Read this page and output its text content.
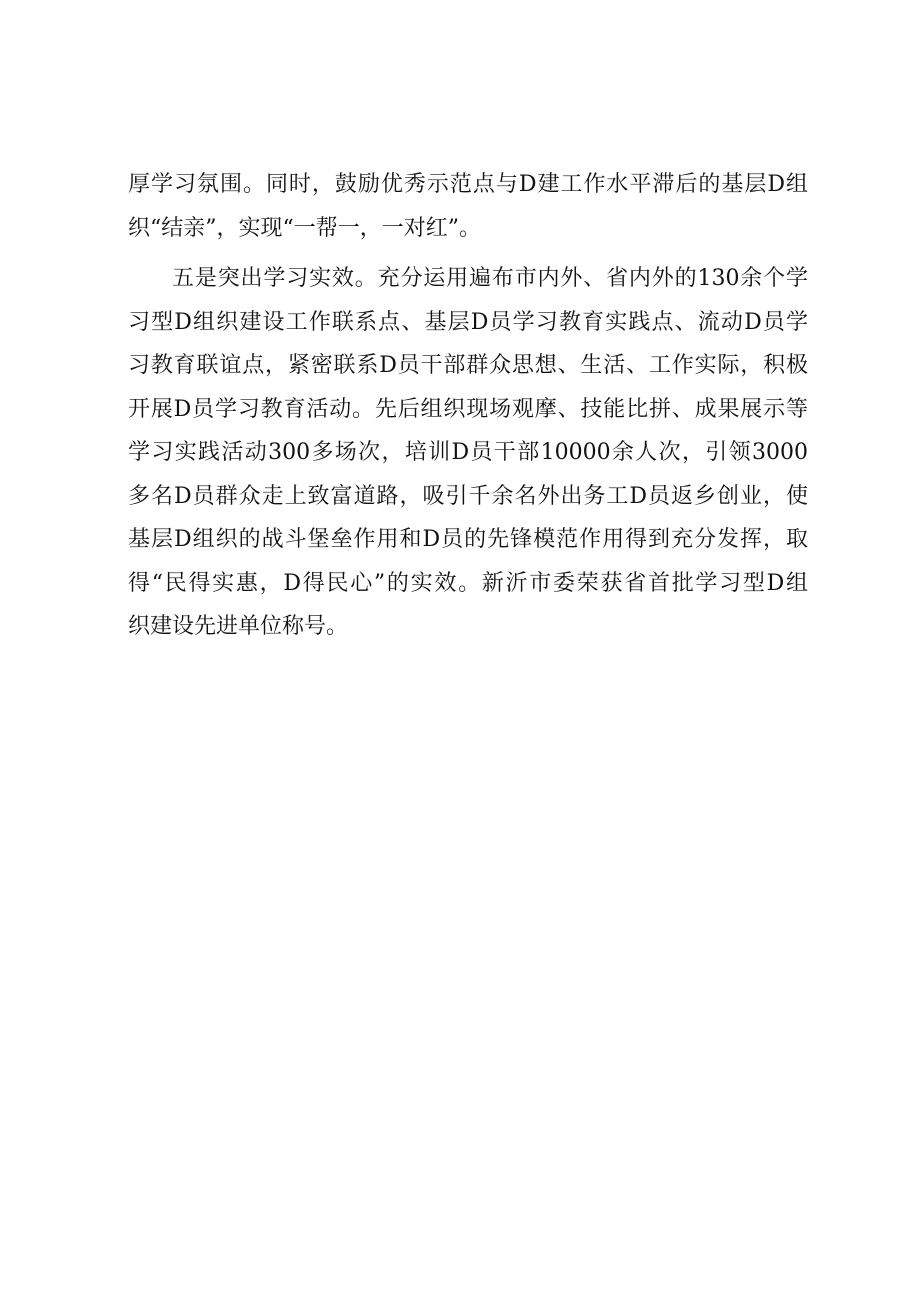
厚学习氛围。同时，鼓励优秀示范点与D建工作水平滞后的基层D组
织“结亲”，实现“一帮一，一对红”。
五是突出学习实效。充分运用遍布市内外、省内外的130余个学
习型D组织建设工作联系点、基层D员学习教育实践点、流动D员学
习教育联谊点，紧密联系D员干部群众思想、生活、工作实际，积极
开展D员学习教育活动。先后组织现场观摩、技能比拼、成果展示等
学习实践活动300多场次，培训D员干部10000余人次，引领3000
多名D员群众走上致富道路，吸引千余名外出务工D员返乡创业，使
基层D组织的战斗堡垒作用和D员的先锋模范作用得到充分发挥，取
得“民得实惠，D得民心”的实效。新沂市委荣获省首批学习型D组
织建设先进单位称号。
